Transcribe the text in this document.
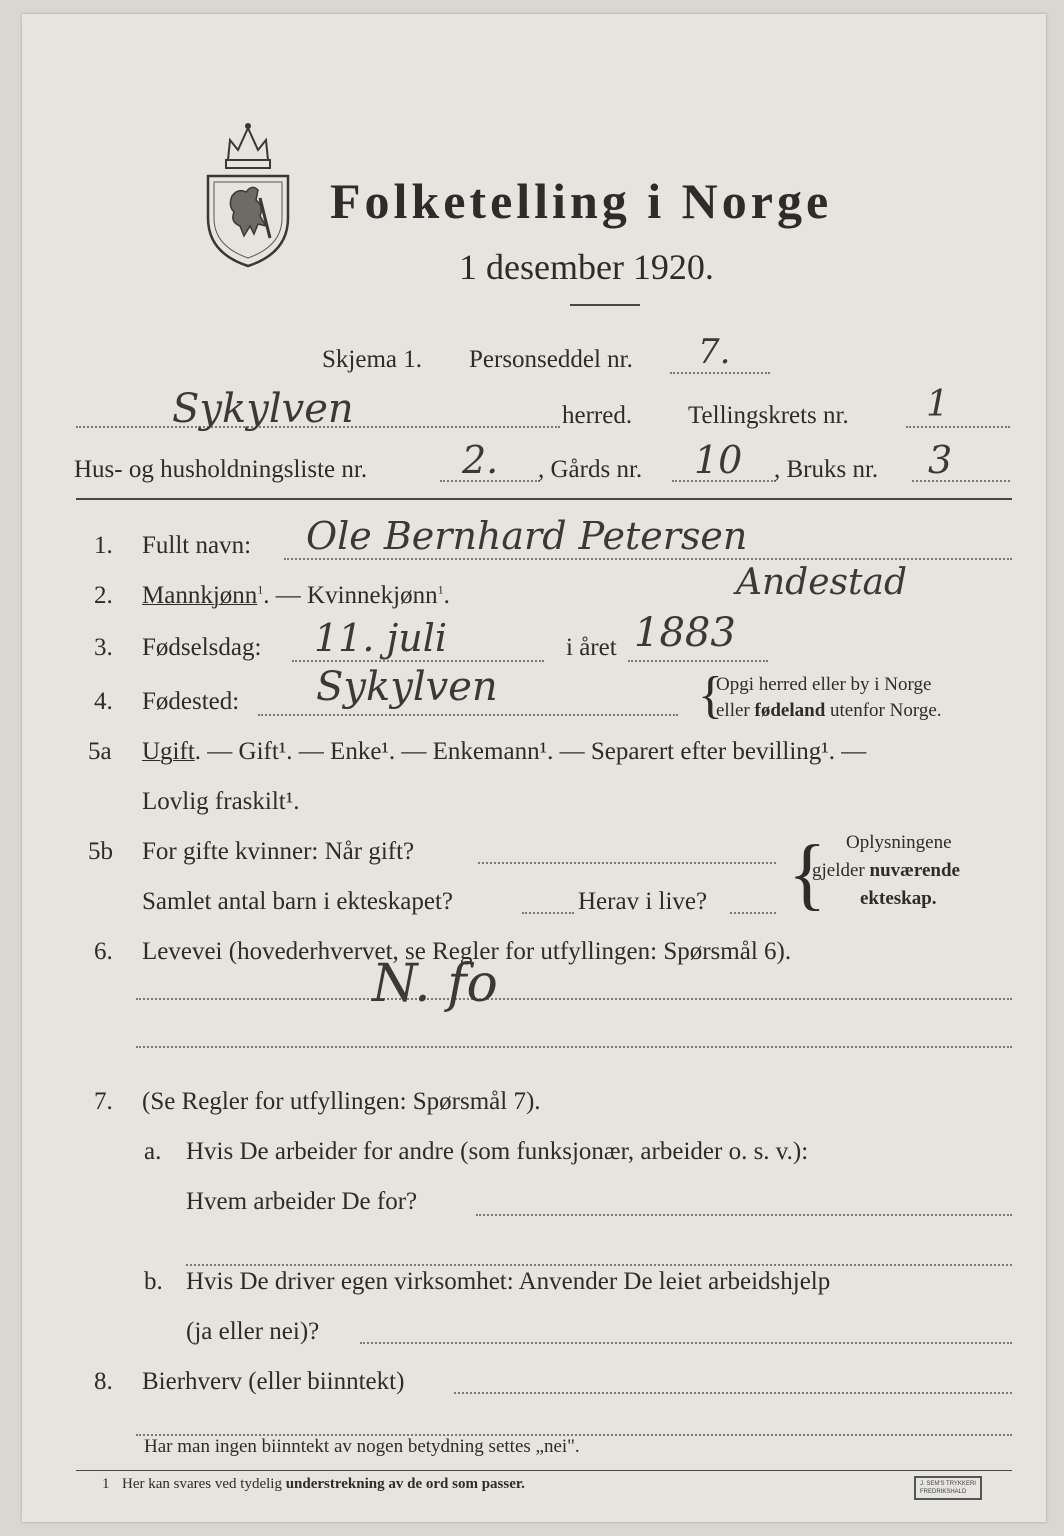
Folketelling i Norge
1 desember 1920.
Skjema 1. Personseddel nr. 7.
Sykylven	herred. Tellingskrets nr. 1
Hus- og husholdningsliste nr. 2. , Gårds nr. 10 , Bruks nr. 3
1. Fullt navn: Ole Bernhard Petersen
2. Mannkjønn$^1$. — Kvinnekjønn$^1$.	Andestad
3. Fødselsdag: 11. juli	i året 1883
4. Fødested: Sykylven	{
Opgi herred eller by i Norge
eller fødeland utenfor Norge.
5a Ugift. — Gift¹. — Enke¹. — Enkemann¹. — Separert efter bevilling¹. —
Lovlig fraskilt¹.
5b For gifte kvinner: Når gift?
Samlet antal barn i ekteskapet?	Herav i live? { Oplysningene
gjelder nuværende
ekteskap.
6. Levevei (hovederhvervet, se Regler for utfyllingen: Spørsmål 6).
N. fo
7. (Se Regler for utfyllingen: Spørsmål 7).
a. Hvis De arbeider for andre (som funksjonær, arbeider o. s. v.):
Hvem arbeider De for?
b. Hvis De driver egen virksomhet: Anvender De leiet arbeidshjelp
(ja eller nei)?
8. Bierhverv (eller biinntekt)
Har man ingen biinntekt av nogen betydning settes „nei".
1 Her kan svares ved tydelig understrekning av de ord som passer.	J. SEM'S TRYKKERI
FREDRIKSHALD
